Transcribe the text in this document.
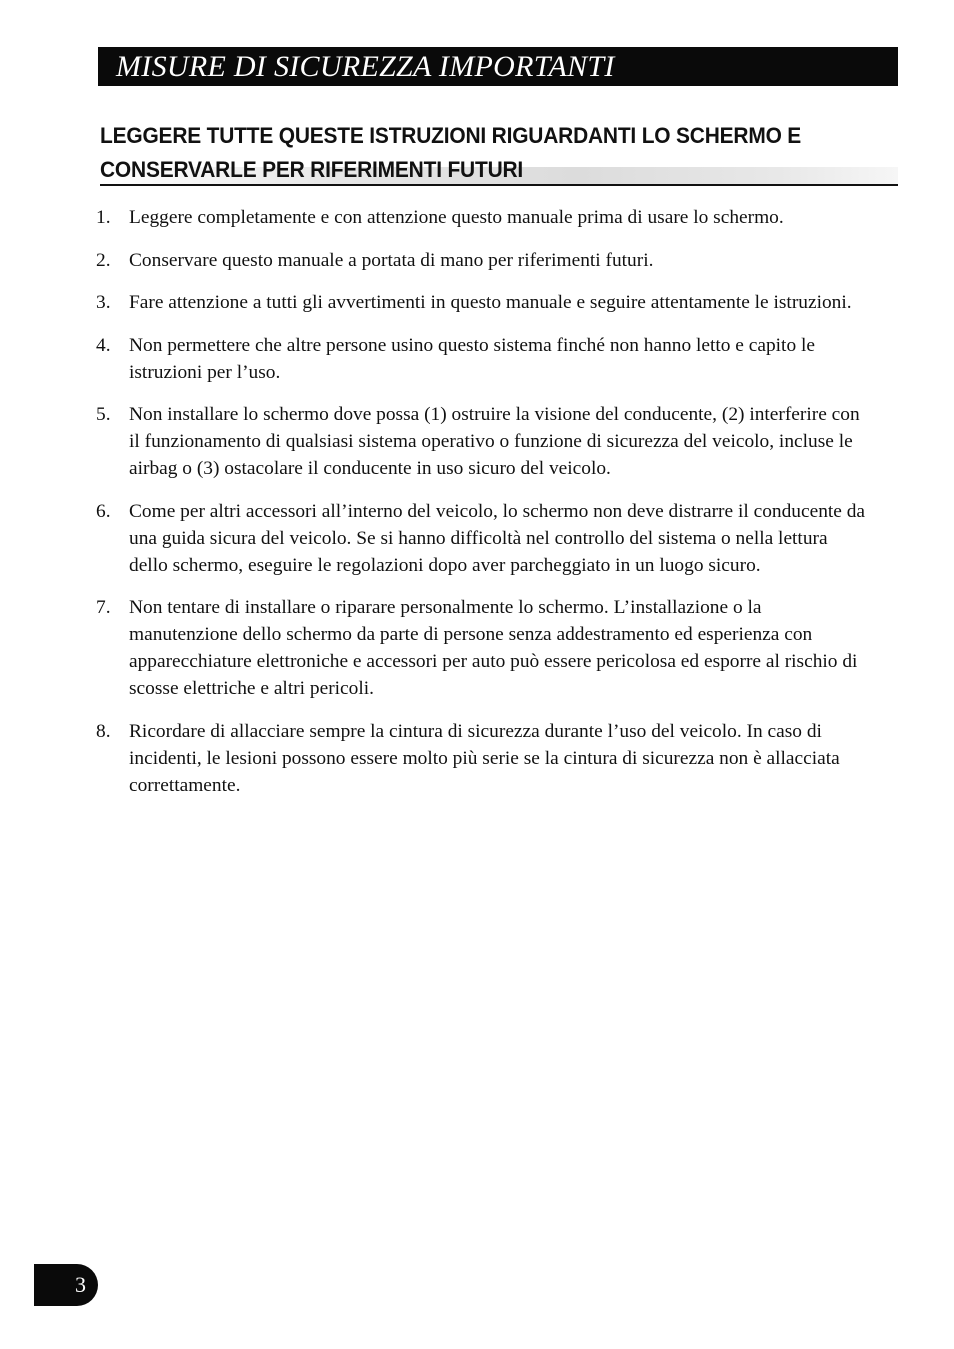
MISURE DI SICUREZZA IMPORTANTI
LEGGERE TUTTE QUESTE ISTRUZIONI RIGUARDANTI LO SCHERMO E
CONSERVARLE PER RIFERIMENTI FUTURI
1. Leggere completamente e con attenzione questo manuale prima di usare lo schermo.
2. Conservare questo manuale a portata di mano per riferimenti futuri.
3. Fare attenzione a tutti gli avvertimenti in questo manuale e seguire attentamente le istruzioni.
4. Non permettere che altre persone usino questo sistema finché non hanno letto e capito le istruzioni per l’uso.
5. Non installare lo schermo dove possa (1) ostruire la visione del conducente, (2) interferire con il funzionamento di qualsiasi sistema operativo o funzione di sicurezza del veicolo, incluse le airbag o (3) ostacolare il conducente in uso sicuro del veicolo.
6. Come per altri accessori all’interno del veicolo, lo schermo non deve distrarre il conducente da una guida sicura del veicolo. Se si hanno difficoltà nel controllo del sistema o nella lettura dello schermo, eseguire le regolazioni dopo aver parcheggiato in un luogo sicuro.
7. Non tentare di installare o riparare personalmente lo schermo. L’installazione o la manutenzione dello schermo da parte di persone senza addestramento ed esperienza con apparecchiature elettroniche e accessori per auto può essere pericolosa ed esporre al rischio di scosse elettriche e altri pericoli.
8. Ricordare di allacciare sempre la cintura di sicurezza durante l’uso del veicolo. In caso di incidenti, le lesioni possono essere molto più serie se la cintura di sicurezza non è allacciata correttamente.
3
